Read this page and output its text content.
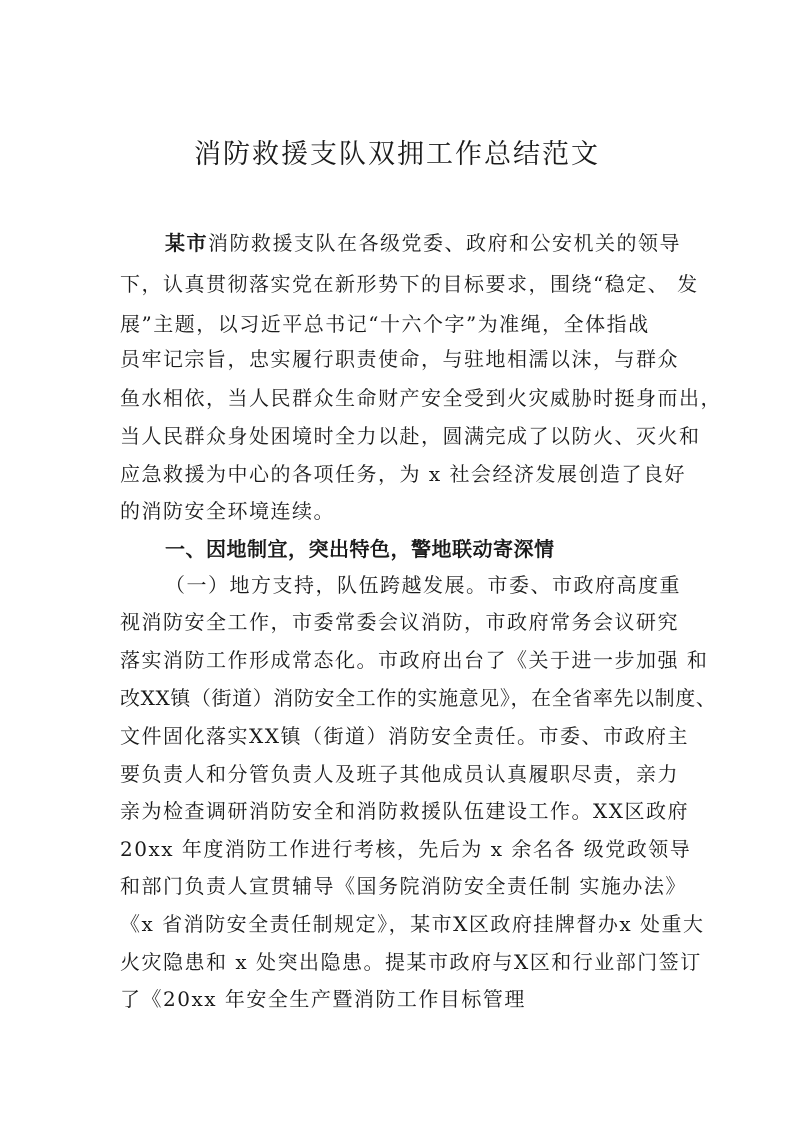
消防救援支队双拥工作总结范文
某市消防救援支队在各级党委、政府和公安机关的领导
下，认真贯彻落实党在新形势下的目标要求，围绕“稳定、 发
展”主题，以习近平总书记“十六个字”为准绳，全体指战
员牢记宗旨，忠实履行职责使命，与驻地相濡以沫，与群众
鱼水相依，当人民群众生命财产安全受到火灾威胁时挺身而出，
当人民群众身处困境时全力以赴，圆满完成了以防火、灭火和
应急救援为中心的各项任务，为 x 社会经济发展创造了良好
的消防安全环境连续。
一、因地制宜，突出特色，警地联动寄深情
（一）地方支持，队伍跨越发展。市委、市政府高度重
视消防安全工作，市委常委会议消防，市政府常务会议研究
落实消防工作形成常态化。市政府出台了《关于进一步加强 和
改XX镇（街道）消防安全工作的实施意见》，在全省率先以制度、
文件固化落实XX镇（街道）消防安全责任。市委、市政府主
要负责人和分管负责人及班子其他成员认真履职尽责，亲力
亲为检查调研消防安全和消防救援队伍建设工作。XX区政府
20xx 年度消防工作进行考核，先后为 x 余名各 级党政领导
和部门负责人宣贯辅导《国务院消防安全责任制 实施办法》
《x 省消防安全责任制规定》，某市X区政府挂牌督办x 处重大
火灾隐患和 x 处突出隐患。提某市政府与X区和行业部门签订
了《20xx 年安全生产暨消防工作目标管理
